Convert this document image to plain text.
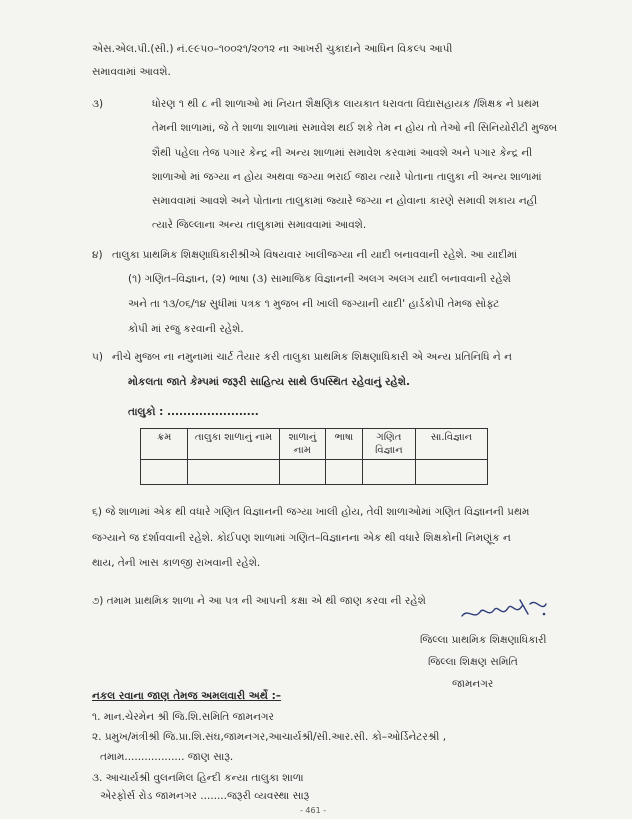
એસ.એલ.પી.(સી.) નં.૯૯૫૦–૧૦૦૨૧/૨૦૧૨ ના આખરી ચુકાદાને આધિન વિકલ્પ આપી
સમાવવામાં આવશે.
૩)	ધોરણ ૧ થી ૮ ની શાળાઓ માં નિયત શૈક્ષણિક લાયકાત ધરાવતા વિદ્યાસહાયક /શિક્ષક ને પ્રથમ
તેમની શાળામાં, જે તે શાળા શાળામાં સમાવેશ થઈ શકે તેમ ન હોય તો તેઓ ની સિનિયોરીટી મુજબ
શૈથી પહેલા તેજ પગાર કેન્દ્ર ની અન્ય શાળામાં સમાવેશ કરવામાં આવશે અને પગાર કેન્દ્ર ની
શાળાઓ માં જગ્યા ન હોય અથવા જગ્યા ભરાઈ જાય ત્યારે પોતાના તાલુકા ની અન્ય શાળામાં
સમાવવામાં આવશે અને પોતાના તાલુકામાં જ્યારે જગ્યા ન હોવાના કારણે સમાવી શકાય નહી
ત્યારે જિલ્લાના અન્ય તાલુકામાં સમાવવામાં આવશે.
૪) તાલુકા પ્રાથમિક શિક્ષણાધિકારીશ્રીએ વિષયવાર ખાલીજગ્યા ની યાદી બનાવવાની રહેશે. આ યાદીમાં
(૧) ગણિત–વિજ્ઞાન, (૨) ભાષા (૩) સામાજિક વિજ્ઞાનની અલગ અલગ યાદી બનાવવાની રહેશે
અને તા ૧૩/૦૬/૧૪ સુધીમાં પત્રક ૧ મુજબ ની ખાલી જગ્યાની યાદી' હાર્ડકોપી તેમજ સોફ્ટ
કોપી માં રજુ કરવાની રહેશે.
૫) નીચે મુજબ ના નમુનામાં ચાર્ટ તૈયાર કરી તાલુકા પ્રાથમિક શિક્ષણાધિકારી એ અન્ય પ્રતિનિધિ ને ન
મોકલતા જાતે કેમ્પમાં જરૂરી સાહિત્ય સાથે ઉપસ્થિત રહેવાનું રહેશે.
તાલુકો : .......................
ક્રમ	તાલુકા શાળાનું નામ	શાળાનું નામ	ભાષા	ગણિત વિજ્ઞાન	સા.વિજ્ઞાન

૬) જે શાળામાં એક થી વધારે ગણિત વિજ્ઞાનની જગ્યા ખાલી હોય, તેવી શાળાઓમાં ગણિત વિજ્ઞાનની પ્રથમ
જગ્યાને જ દર્શાવવાની રહેશે. કોઈપણ શાળામાં ગણિત–વિજ્ઞાનના એક થી વધારે શિક્ષકોની નિમણૂંક ન
થાય, તેની ખાસ કાળજી રાખવાની રહેશે.
૭) તમામ પ્રાથમિક શાળા ને આ પત્ર ની આપની કક્ષા એ થી જાણ કરવા ની રહેશે
જિલ્લા પ્રાથમિક શિક્ષણાધિકારી
જિલ્લા શિક્ષણ સમિતિ
જામનગર
નકલ રવાના જાણ તેમજ અમલવારી અર્થે :–
૧. માન.ચેરમેન શ્રી જિ.શિ.સમિતિ જામનગર
૨. પ્રમુખ/મંત્રીશ્રી જિ.પ્રા.શિ.સંઘ,જામનગર,આચાર્યશ્રી/સી.આર.સી. કો–ઓર્ડિનેટરશ્રી ,
તમામ.................. જાણ સારૂ.
૩. આચાર્યશ્રી વુલનમિલ હિન્દી કન્યા તાલુકા શાળા
એરફોર્સ રોડ જામનગર ........જરૂરી વ્યવસ્થા સારૂ
- 461 -
